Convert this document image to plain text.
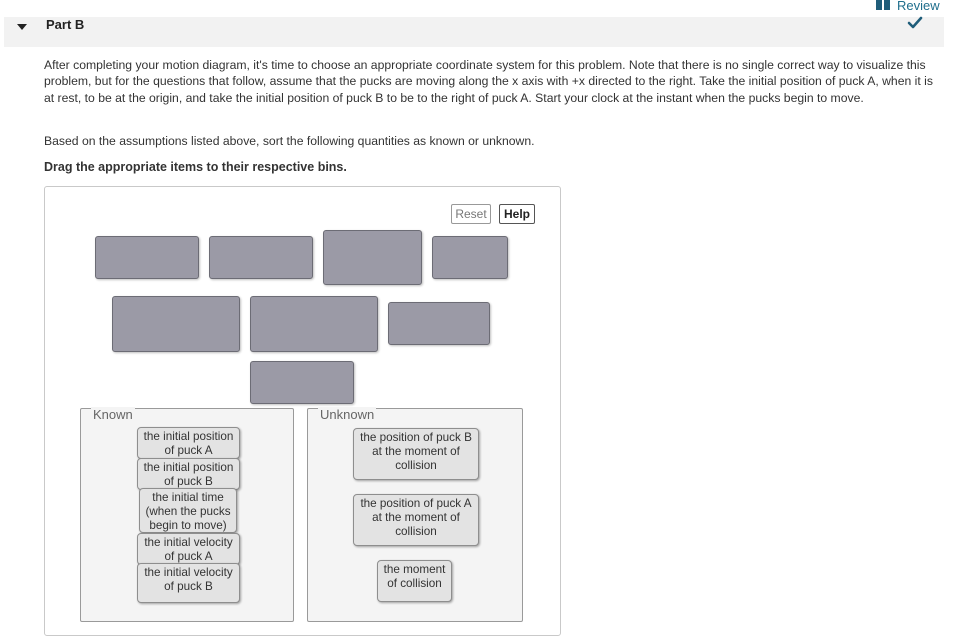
Review
Part B

After completing your motion diagram, it's time to choose an appropriate coordinate system for this problem. Note that there is no single correct way to visualize this problem, but for the questions that follow, assume that the pucks are moving along the x axis with +x directed to the right. Take the initial position of puck A, when it is at rest, to be at the origin, and take the initial position of puck B to be to the right of puck A. Start your clock at the instant when the pucks begin to move.

Based on the assumptions listed above, sort the following quantities as known or unknown.
Drag the appropriate items to their respective bins.
Reset	Help
Known
the initial position of puck A
the initial position of puck B
the initial time (when the pucks begin to move)
the initial velocity of puck A
the initial velocity of puck B
Unknown
the position of puck B at the moment of collision
the position of puck A at the moment of collision
the moment of collision
